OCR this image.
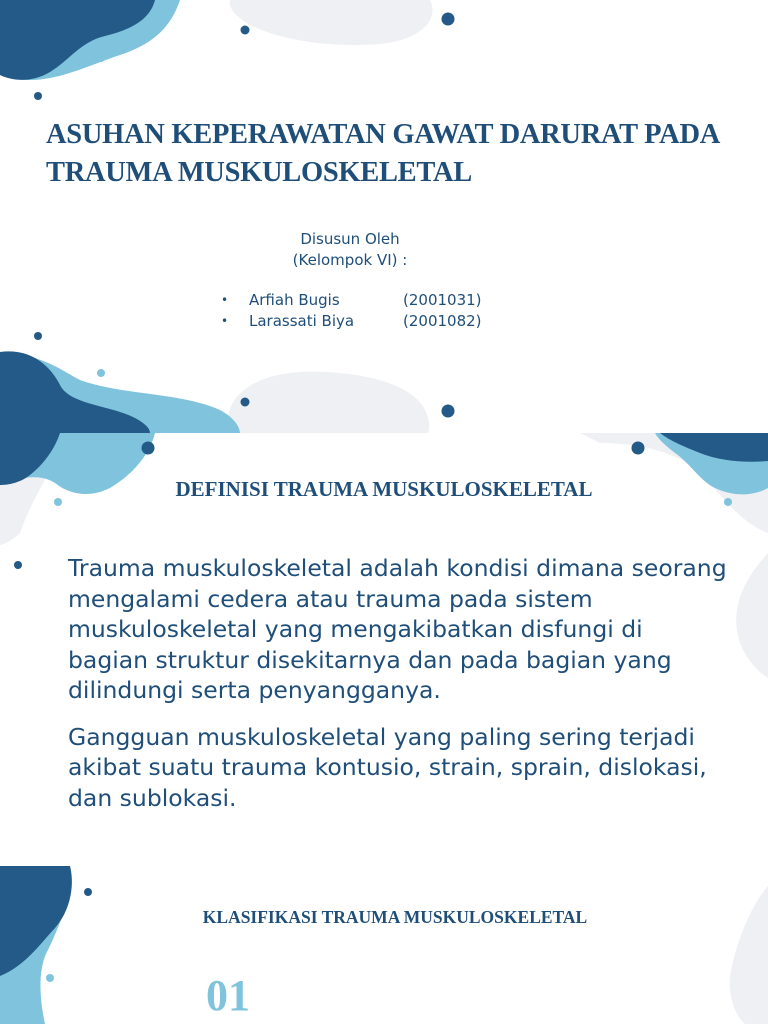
ASUHAN KEPERAWATAN GAWAT DARURAT PADA TRAUMA MUSKULOSKELETAL
Disusun Oleh
(Kelompok VI) :
• Arfiah Bugis	(2001031)
• Larassati Biya	(2001082)
DEFINISI TRAUMA MUSKULOSKELETAL

Trauma muskuloskeletal adalah kondisi dimana seorang mengalami cedera atau trauma pada sistem muskuloskeletal yang mengakibatkan disfungi di bagian struktur disekitarnya dan pada bagian yang dilindungi serta penyangganya.

Gangguan muskuloskeletal yang paling sering terjadi akibat suatu trauma kontusio, strain, sprain, dislokasi, dan sublokasi.

KLASIFIKASI TRAUMA MUSKULOSKELETAL
01
